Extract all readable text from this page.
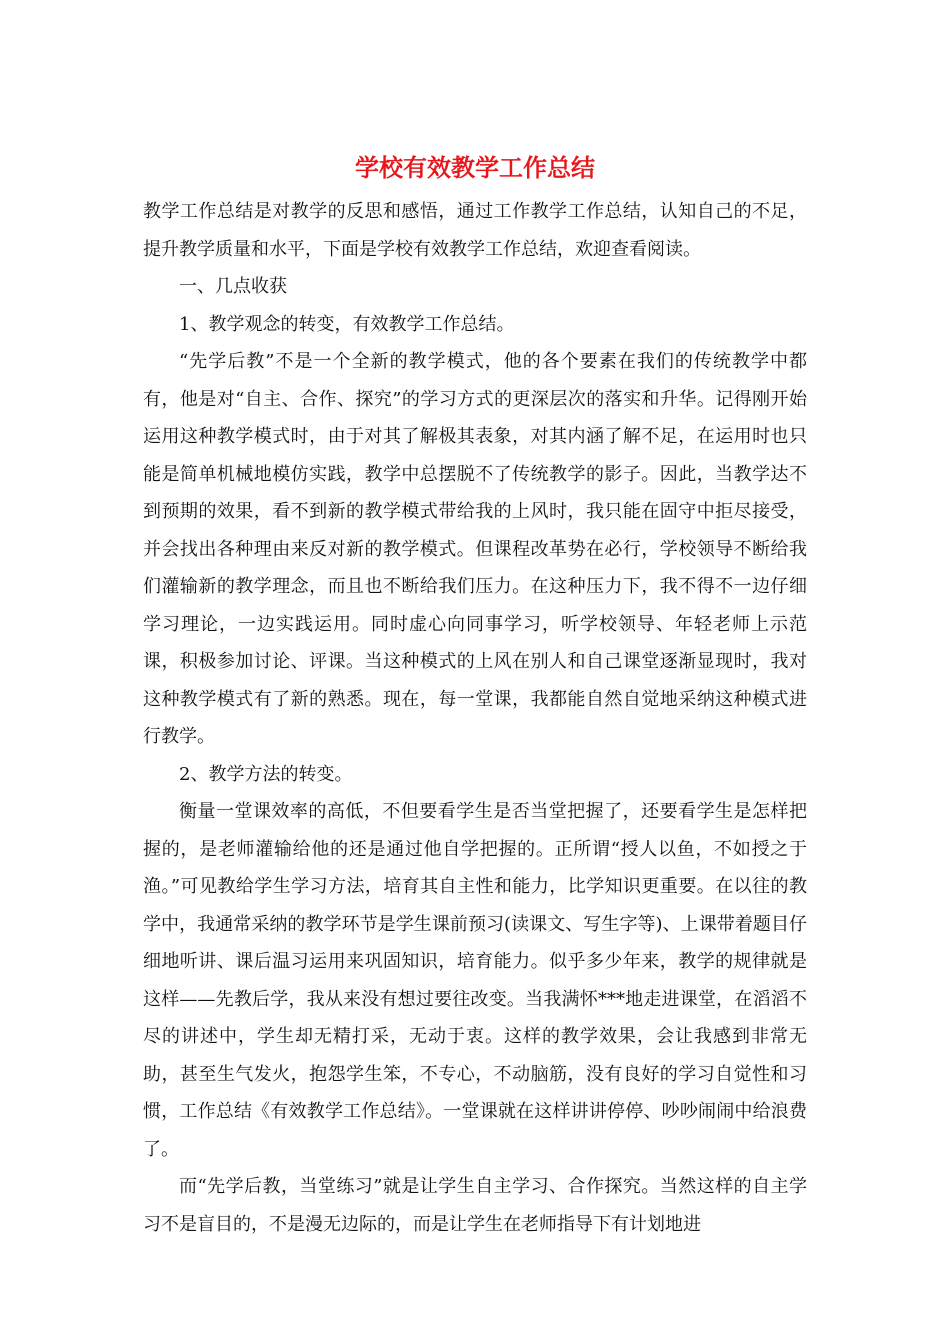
学校有效教学工作总结

教学工作总结是对教学的反思和感悟，通过工作教学工作总结，认知自己的不足，提升教学质量和水平，下面是学校有效教学工作总结，欢迎查看阅读。

一、几点收获

1、教学观念的转变，有效教学工作总结。

“先学后教”不是一个全新的教学模式，他的各个要素在我们的传统教学中都有，他是对“自主、合作、探究”的学习方式的更深层次的落实和升华。记得刚开始运用这种教学模式时，由于对其了解极其表象，对其内涵了解不足，在运用时也只能是简单机械地模仿实践，教学中总摆脱不了传统教学的影子。因此，当教学达不到预期的效果，看不到新的教学模式带给我的上风时，我只能在固守中拒尽接受，并会找出各种理由来反对新的教学模式。但课程改革势在必行，学校领导不断给我们灌输新的教学理念，而且也不断给我们压力。在这种压力下，我不得不一边仔细学习理论，一边实践运用。同时虚心向同事学习，听学校领导、年轻老师上示范课，积极参加讨论、评课。当这种模式的上风在别人和自己课堂逐渐显现时，我对这种教学模式有了新的熟悉。现在，每一堂课，我都能自然自觉地采纳这种模式进行教学。

2、教学方法的转变。

衡量一堂课效率的高低，不但要看学生是否当堂把握了，还要看学生是怎样把握的，是老师灌输给他的还是通过他自学把握的。正所谓“授人以鱼，不如授之于渔。”可见教给学生学习方法，培育其自主性和能力，比学知识更重要。在以往的教学中，我通常采纳的教学环节是学生课前预习(读课文、写生字等)、上课带着题目仔细地听讲、课后温习运用来巩固知识，培育能力。似乎多少年来，教学的规律就是这样——先教后学，我从来没有想过要往改变。当我满怀***地走进课堂，在滔滔不尽的讲述中，学生却无精打采，无动于衷。这样的教学效果，会让我感到非常无助，甚至生气发火，抱怨学生笨，不专心，不动脑筋，没有良好的学习自觉性和习惯，工作总结《有效教学工作总结》。一堂课就在这样讲讲停停、吵吵闹闹中给浪费了。

而“先学后教，当堂练习”就是让学生自主学习、合作探究。当然这样的自主学习不是盲目的，不是漫无边际的，而是让学生在老师指导下有计划地进
